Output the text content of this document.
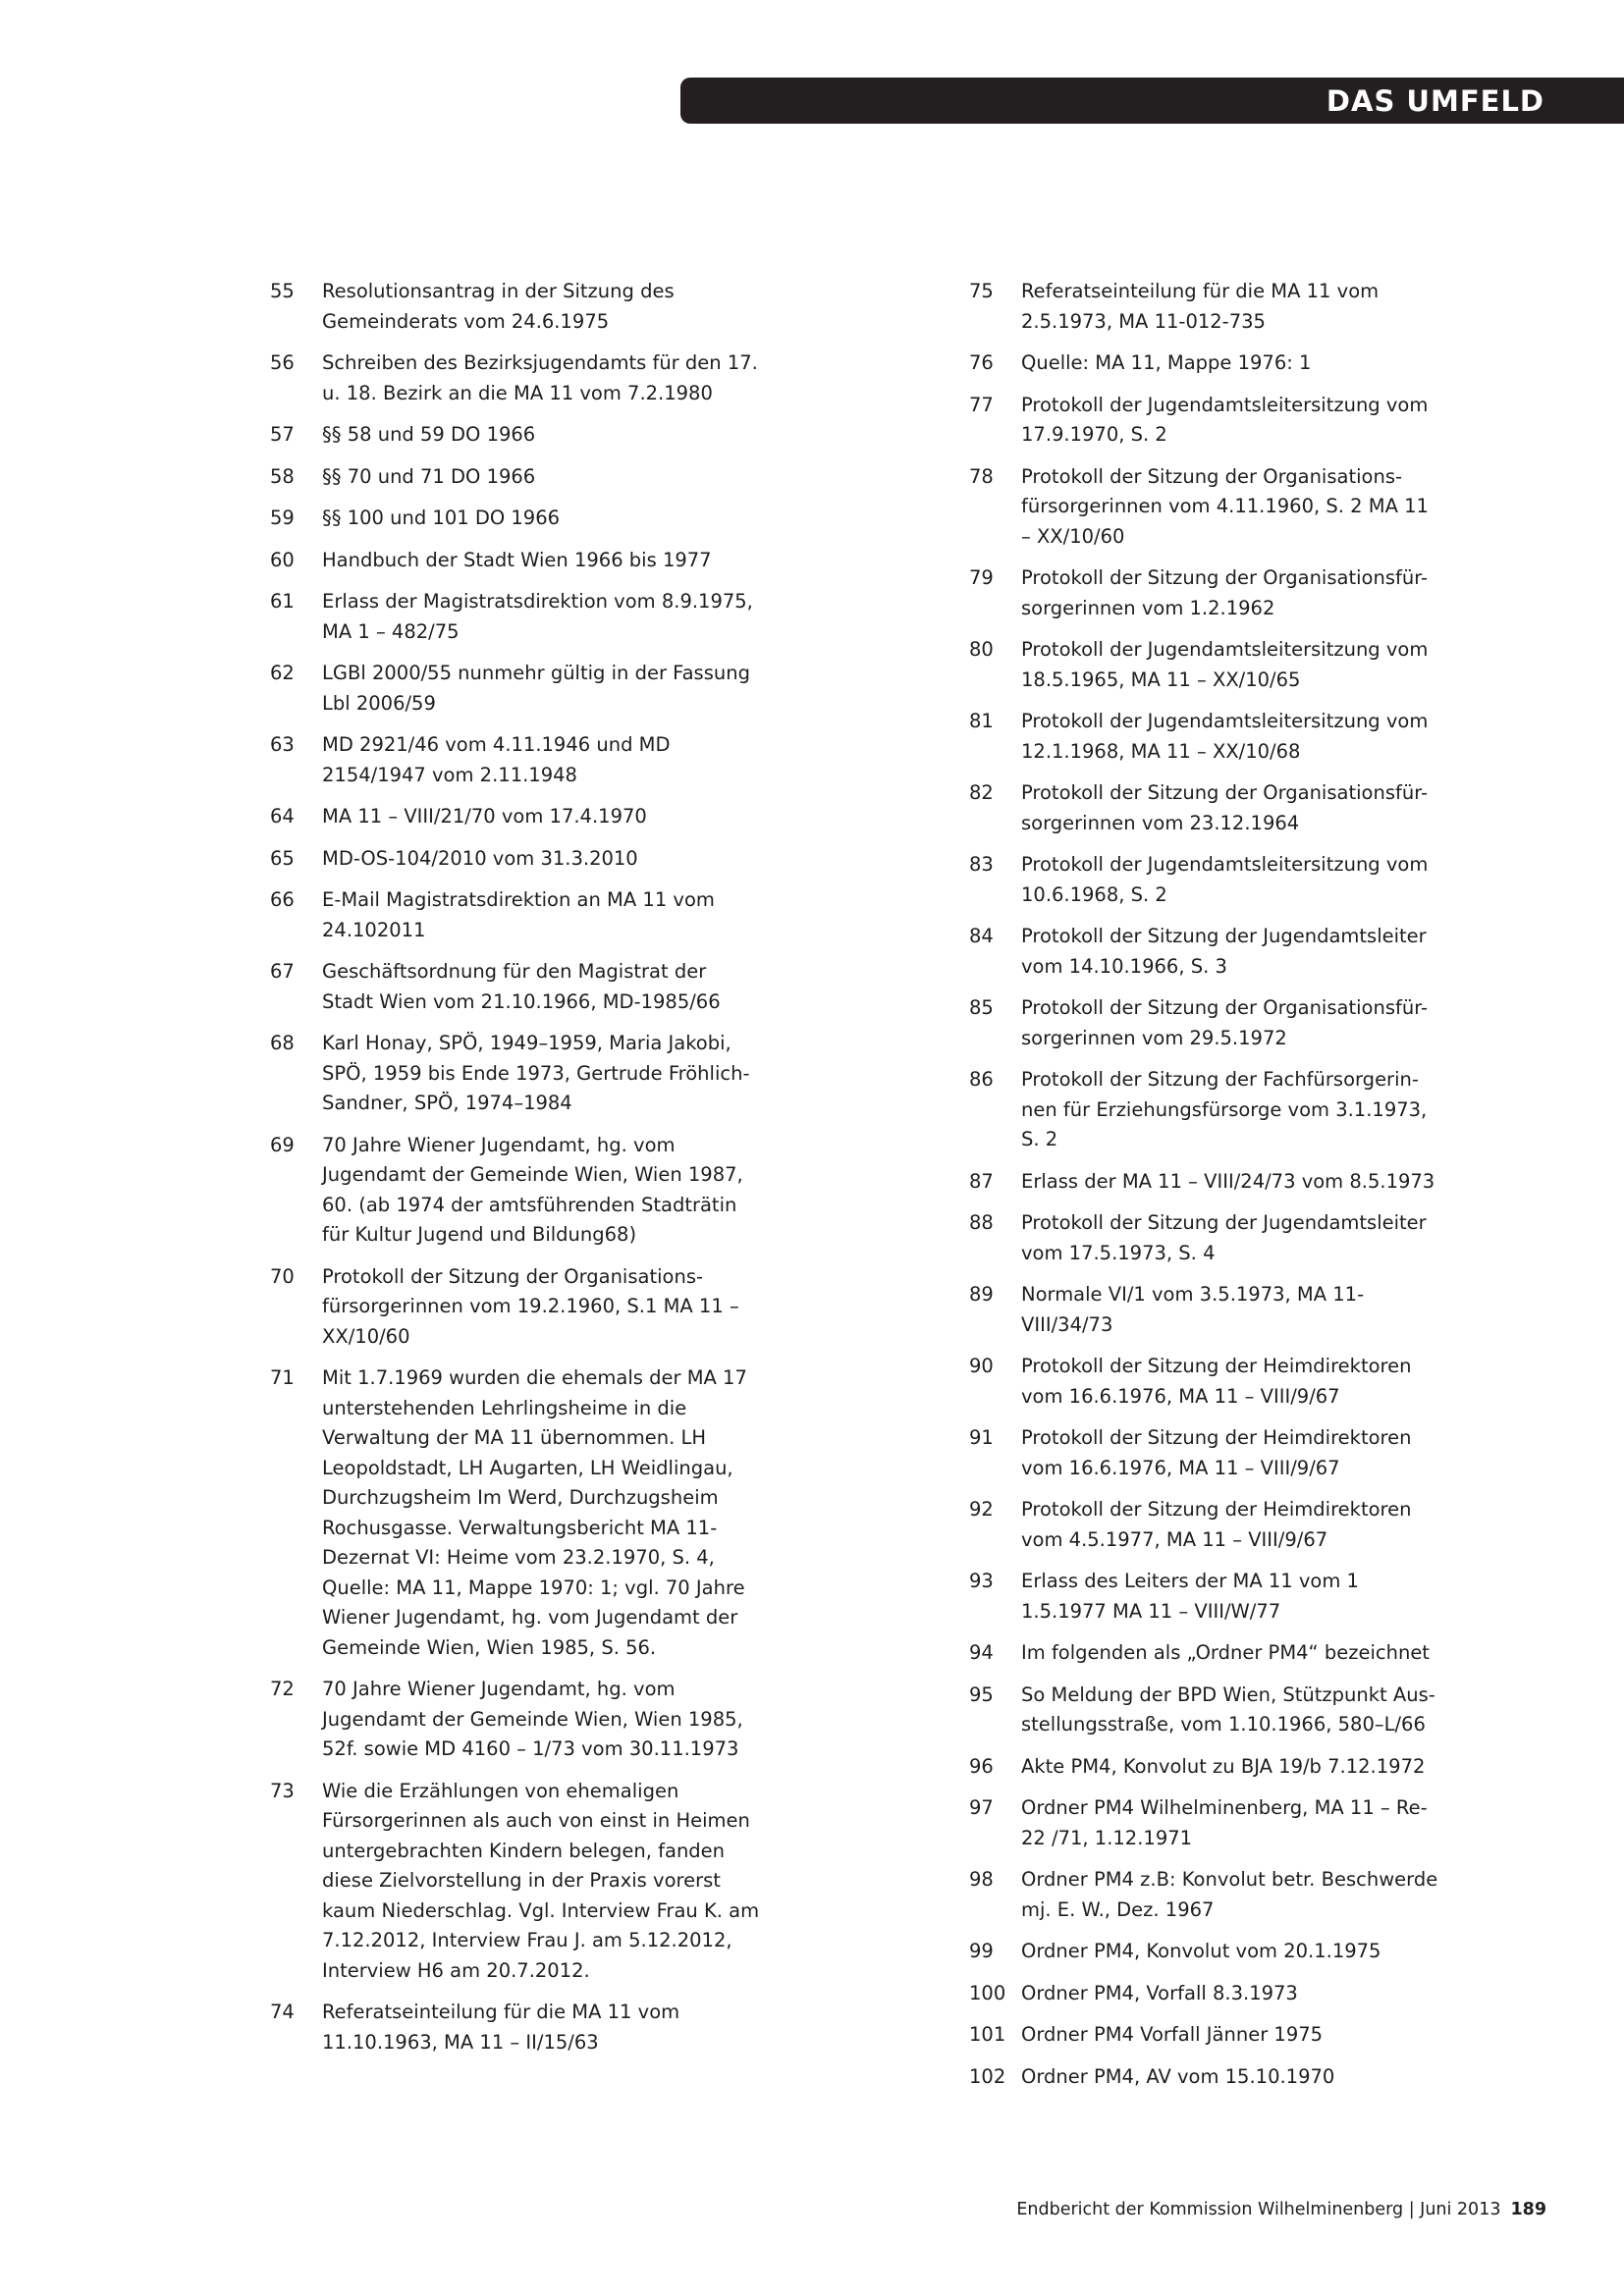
DAS UMFELD
55	Resolutionsantrag in der Sitzung des Gemeinderats vom 24.6.1975
56	Schreiben des Bezirksjugendamts für den 17. u. 18. Bezirk an die MA 11 vom 7.2.1980
57	§§ 58 und 59 DO 1966
58	§§ 70 und 71 DO 1966
59	§§ 100 und 101 DO 1966
60	Handbuch der Stadt Wien 1966 bis 1977
61	Erlass der Magistratsdirektion vom 8.9.1975, MA 1 – 482/75
62	LGBl 2000/55 nunmehr gültig in der Fassung Lbl 2006/59
63	MD 2921/46 vom 4.11.1946 und MD 2154/1947 vom 2.11.1948
64	MA 11 – VIII/21/70 vom 17.4.1970
65	MD-OS-104/2010 vom 31.3.2010
66	E-Mail Magistratsdirektion an MA 11 vom 24.102011
67	Geschäftsordnung für den Magistrat der Stadt Wien vom 21.10.1966, MD-1985/66
68	Karl Honay, SPÖ, 1949–1959, Maria Jakobi, SPÖ, 1959 bis Ende 1973, Gertrude Fröhlich-Sandner, SPÖ, 1974–1984
69	70 Jahre Wiener Jugendamt, hg. vom Jugendamt der Gemeinde Wien, Wien 1987, 60. (ab 1974 der amtsführenden Stadträtin für Kultur Jugend und Bildung68)
70	Protokoll der Sitzung der Organisations-fürsorgerinnen vom 19.2.1960, S.1 MA 11 – XX/10/60
71	Mit 1.7.1969 wurden die ehemals der MA 17 unterstehenden Lehrlingsheime in die Verwaltung der MA 11 übernommen. LH Leopoldstadt, LH Augarten, LH Weidlingau, Durchzugsheim Im Werd, Durchzugsheim Rochusgasse. Verwaltungsbericht MA 11- Dezernat VI: Heime vom 23.2.1970, S. 4, Quelle: MA 11, Mappe 1970: 1; vgl. 70 Jahre Wiener Jugendamt, hg. vom Jugendamt der Gemeinde Wien, Wien 1985, S. 56.
72	70 Jahre Wiener Jugendamt, hg. vom Jugendamt der Gemeinde Wien, Wien 1985, 52f. sowie MD 4160 – 1/73 vom 30.11.1973
73	Wie die Erzählungen von ehemaligen Fürsorgerinnen als auch von einst in Heimen untergebrachten Kindern belegen, fanden diese Zielvorstellung in der Praxis vorerst kaum Niederschlag. Vgl. Interview Frau K. am 7.12.2012, Interview Frau J. am 5.12.2012, Interview H6 am 20.7.2012.
74	Referatseinteilung für die MA 11 vom 11.10.1963, MA 11 – II/15/63
75	Referatseinteilung für die MA 11 vom 2.5.1973, MA 11-012-735
76	Quelle: MA 11, Mappe 1976: 1
77	Protokoll der Jugendamtsleitersitzung vom 17.9.1970, S. 2
78	Protokoll der Sitzung der Organisations-fürsorgerinnen vom 4.11.1960, S. 2 MA 11 – XX/10/60
79	Protokoll der Sitzung der Organisationsfür-sorgerinnen vom 1.2.1962
80	Protokoll der Jugendamtsleitersitzung vom 18.5.1965, MA 11 – XX/10/65
81	Protokoll der Jugendamtsleitersitzung vom 12.1.1968, MA 11 – XX/10/68
82	Protokoll der Sitzung der Organisationsfür-sorgerinnen vom 23.12.1964
83	Protokoll der Jugendamtsleitersitzung vom 10.6.1968, S. 2
84	Protokoll der Sitzung der Jugendamtsleiter vom 14.10.1966, S. 3
85	Protokoll der Sitzung der Organisationsfür-sorgerinnen vom 29.5.1972
86	Protokoll der Sitzung der Fachfürsorgerin-nen für Erziehungsfürsorge vom 3.1.1973, S. 2
87	Erlass der MA 11 – VIII/24/73 vom 8.5.1973
88	Protokoll der Sitzung der Jugendamtsleiter vom 17.5.1973, S. 4
89	Normale VI/1 vom 3.5.1973, MA 11-VIII/34/73
90	Protokoll der Sitzung der Heimdirektoren vom 16.6.1976, MA 11 – VIII/9/67
91	Protokoll der Sitzung der Heimdirektoren vom 16.6.1976, MA 11 – VIII/9/67
92	Protokoll der Sitzung der Heimdirektoren vom 4.5.1977, MA 11 – VIII/9/67
93	Erlass des Leiters der MA 11 vom 1 1.5.1977 MA 11 – VIII/W/77
94	Im folgenden als „Ordner PM4“ bezeichnet
95	So Meldung der BPD Wien, Stützpunkt Aus-stellungsstraße, vom 1.10.1966, 580–L/66
96	Akte PM4, Konvolut zu BJA 19/b 7.12.1972
97	Ordner PM4 Wilhelminenberg, MA 11 – Re-22 /71, 1.12.1971
98	Ordner PM4 z.B: Konvolut betr. Beschwerde mj. E. W., Dez. 1967
99	Ordner PM4, Konvolut vom 20.1.1975
100 Ordner PM4, Vorfall 8.3.1973
101 Ordner PM4 Vorfall Jänner 1975
102 Ordner PM4, AV vom 15.10.1970
Endbericht der Kommission Wilhelminenberg | Juni 2013 189
